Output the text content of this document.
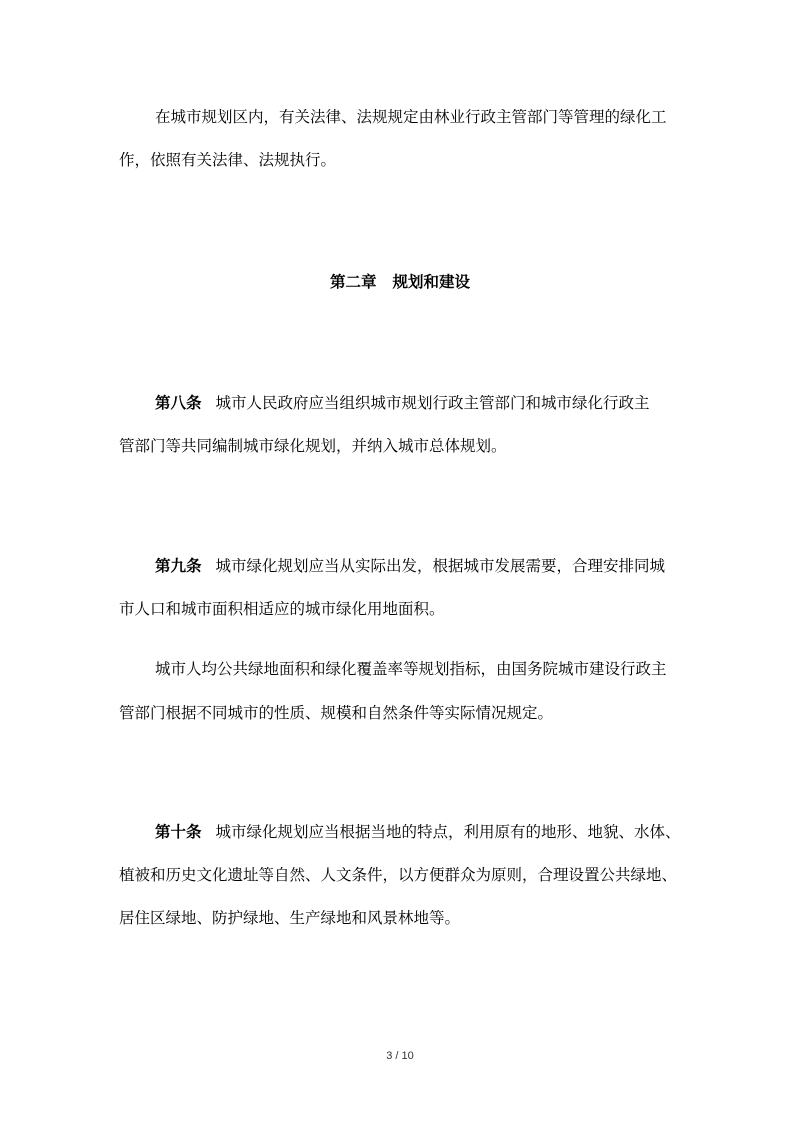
在城市规划区内，有关法律、法规规定由林业行政主管部门等管理的绿化工
作，依照有关法律、法规执行。
第二章 规划和建设
第八条 城市人民政府应当组织城市规划行政主管部门和城市绿化行政主
管部门等共同编制城市绿化规划，并纳入城市总体规划。
第九条 城市绿化规划应当从实际出发，根据城市发展需要，合理安排同城
市人口和城市面积相适应的城市绿化用地面积。
城市人均公共绿地面积和绿化覆盖率等规划指标，由国务院城市建设行政主
管部门根据不同城市的性质、规模和自然条件等实际情况规定。
第十条 城市绿化规划应当根据当地的特点，利用原有的地形、地貌、水体、
植被和历史文化遗址等自然、人文条件，以方便群众为原则，合理设置公共绿地、
居住区绿地、防护绿地、生产绿地和风景林地等。
3 / 10
